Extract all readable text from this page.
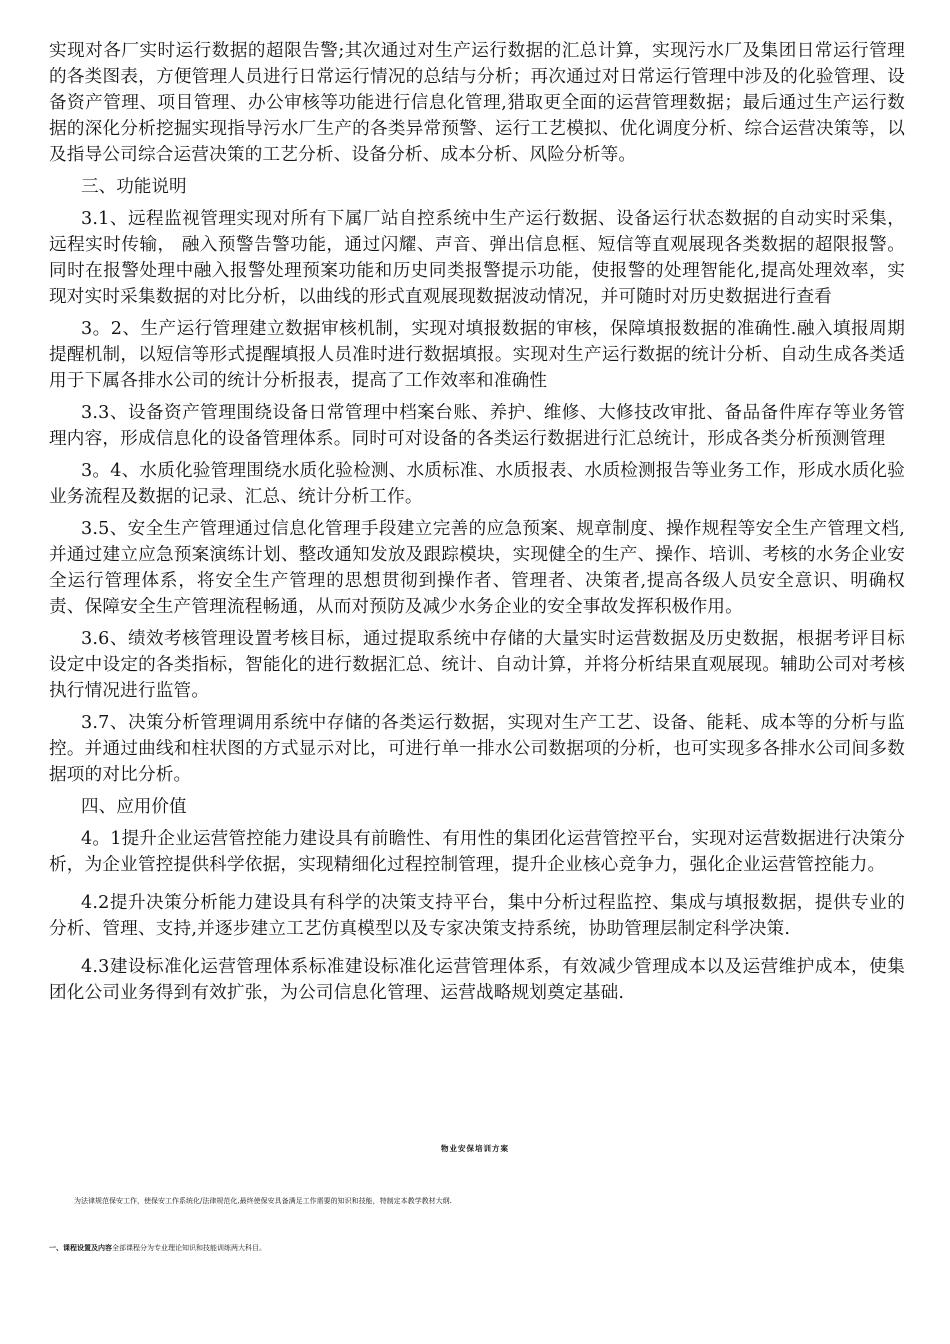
实现对各厂实时运行数据的超限告警;其次通过对生产运行数据的汇总计算，实现污水厂及集团日常运行管理的各类图表，方便管理人员进行日常运行情况的总结与分析；再次通过对日常运行管理中涉及的化验管理、设备资产管理、项目管理、办公审核等功能进行信息化管理,猎取更全面的运营管理数据；最后通过生产运行数据的深化分析挖掘实现指导污水厂生产的各类异常预警、运行工艺模拟、优化调度分析、综合运营决策等，以及指导公司综合运营决策的工艺分析、设备分析、成本分析、风险分析等。

三、功能说明

3.1、远程监视管理实现对所有下属厂站自控系统中生产运行数据、设备运行状态数据的自动实时采集，远程实时传输， 融入预警告警功能，通过闪耀、声音、弹出信息框、短信等直观展现各类数据的超限报警。 同时在报警处理中融入报警处理预案功能和历史同类报警提示功能，使报警的处理智能化,提高处理效率，实现对实时采集数据的对比分析，以曲线的形式直观展现数据波动情况，并可随时对历史数据进行查看

3。2、生产运行管理建立数据审核机制，实现对填报数据的审核，保障填报数据的准确性.融入填报周期提醒机制，以短信等形式提醒填报人员准时进行数据填报。实现对生产运行数据的统计分析、自动生成各类适用于下属各排水公司的统计分析报表，提高了工作效率和准确性

3.3、设备资产管理围绕设备日常管理中档案台账、养护、维修、大修技改审批、备品备件库存等业务管理内容，形成信息化的设备管理体系。同时可对设备的各类运行数据进行汇总统计，形成各类分析预测管理

3。4、水质化验管理围绕水质化验检测、水质标准、水质报表、水质检测报告等业务工作，形成水质化验业务流程及数据的记录、汇总、统计分析工作。

3.5、安全生产管理通过信息化管理手段建立完善的应急预案、规章制度、操作规程等安全生产管理文档,并通过建立应急预案演练计划、整改通知发放及跟踪模块，实现健全的生产、操作、培训、考核的水务企业安全运行管理体系，将安全生产管理的思想贯彻到操作者、管理者、决策者,提高各级人员安全意识、明确权责、保障安全生产管理流程畅通，从而对预防及减少水务企业的安全事故发挥积极作用。

3.6、绩效考核管理设置考核目标，通过提取系统中存储的大量实时运营数据及历史数据，根据考评目标设定中设定的各类指标，智能化的进行数据汇总、统计、自动计算，并将分析结果直观展现。辅助公司对考核执行情况进行监管。

3.7、决策分析管理调用系统中存储的各类运行数据，实现对生产工艺、设备、能耗、成本等的分析与监控。并通过曲线和柱状图的方式显示对比，可进行单一排水公司数据项的分析，也可实现多各排水公司间多数据项的对比分析。

四、应用价值

4。1提升企业运营管控能力建设具有前瞻性、有用性的集团化运营管控平台，实现对运营数据进行决策分析，为企业管控提供科学依据，实现精细化过程控制管理，提升企业核心竞争力，强化企业运营管控能力。

4.2提升决策分析能力建设具有科学的决策支持平台，集中分析过程监控、集成与填报数据，提供专业的分析、管理、支持,并逐步建立工艺仿真模型以及专家决策支持系统，协助管理层制定科学决策.

4.3建设标准化运营管理体系标准建设标准化运营管理体系，有效减少管理成本以及运营维护成本，使集团化公司业务得到有效扩张，为公司信息化管理、运营战略规划奠定基础.

物业安保培训方案
为法律规范保安工作，使保安工作系统化/法律规范化,最终使保安具备满足工作需要的知识和技能，特制定本教学教材大纲.
一、课程设置及内容全部课程分为专业理论知识和技能训练两大科目。
